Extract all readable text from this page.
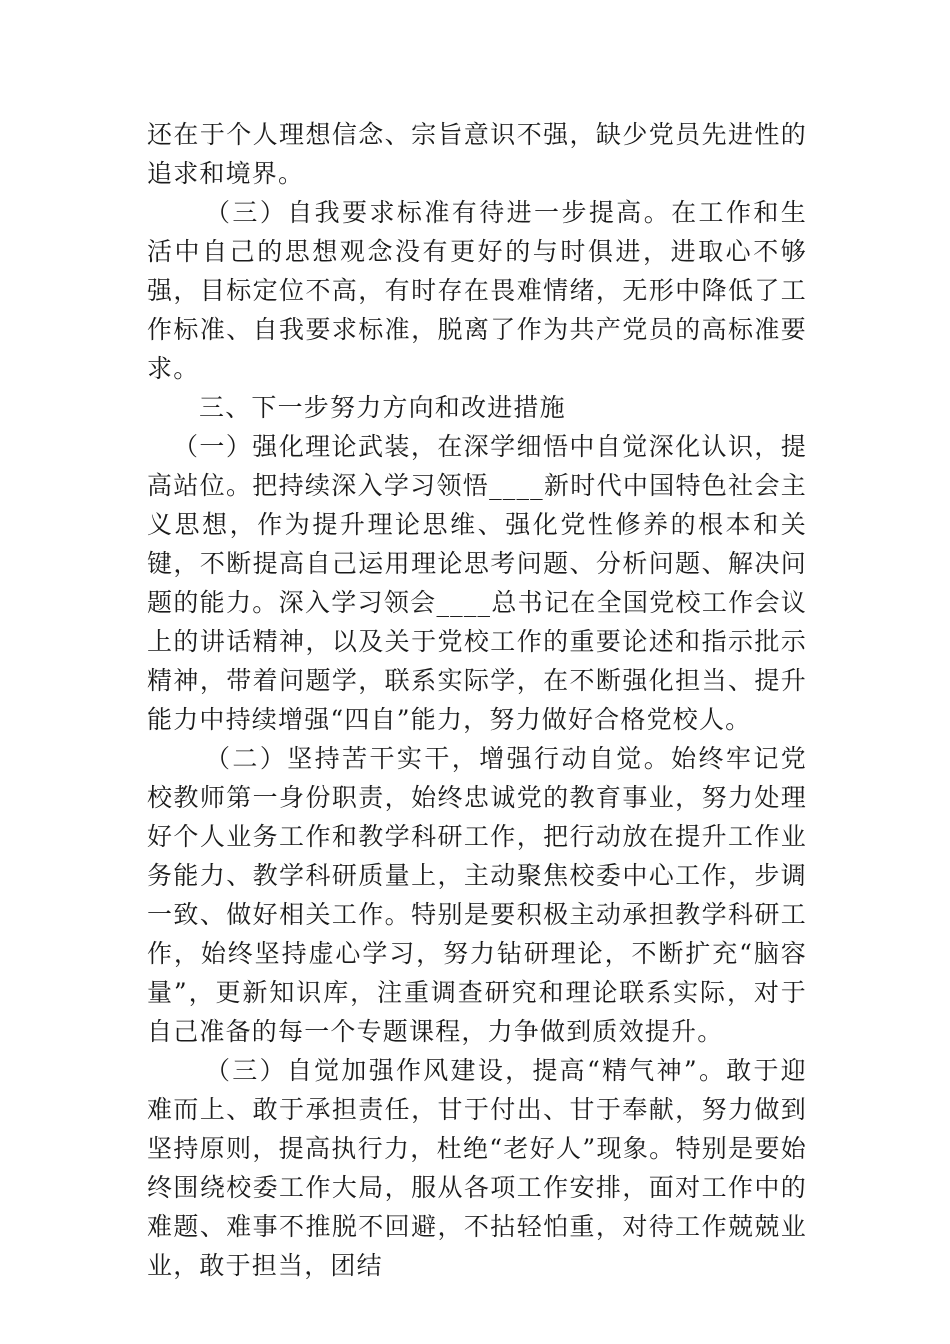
还在于个人理想信念、宗旨意识不强，缺少党员先进性的追求和境界。

（三）自我要求标准有待进一步提高。在工作和生活中自己的思想观念没有更好的与时俱进，进取心不够强，目标定位不高，有时存在畏难情绪，无形中降低了工作标准、自我要求标准，脱离了作为共产党员的高标准要求。

三、下一步努力方向和改进措施

（一）强化理论武装，在深学细悟中自觉深化认识，提高站位。把持续深入学习领悟____新时代中国特色社会主义思想，作为提升理论思维、强化党性修养的根本和关键，不断提高自己运用理论思考问题、分析问题、解决问题的能力。深入学习领会____总书记在全国党校工作会议上的讲话精神，以及关于党校工作的重要论述和指示批示精神，带着问题学，联系实际学，在不断强化担当、提升能力中持续增强“四自”能力，努力做好合格党校人。

（二）坚持苦干实干，增强行动自觉。始终牢记党校教师第一身份职责，始终忠诚党的教育事业，努力处理好个人业务工作和教学科研工作，把行动放在提升工作业务能力、教学科研质量上，主动聚焦校委中心工作，步调一致、做好相关工作。特别是要积极主动承担教学科研工作，始终坚持虚心学习，努力钻研理论，不断扩充“脑容量”，更新知识库，注重调查研究和理论联系实际，对于自己准备的每一个专题课程，力争做到质效提升。

（三）自觉加强作风建设，提高“精气神”。敢于迎难而上、敢于承担责任，甘于付出、甘于奉献，努力做到坚持原则，提高执行力，杜绝“老好人”现象。特别是要始终围绕校委工作大局，服从各项工作安排，面对工作中的难题、难事不推脱不回避，不拈轻怕重，对待工作兢兢业业，敢于担当，团结
